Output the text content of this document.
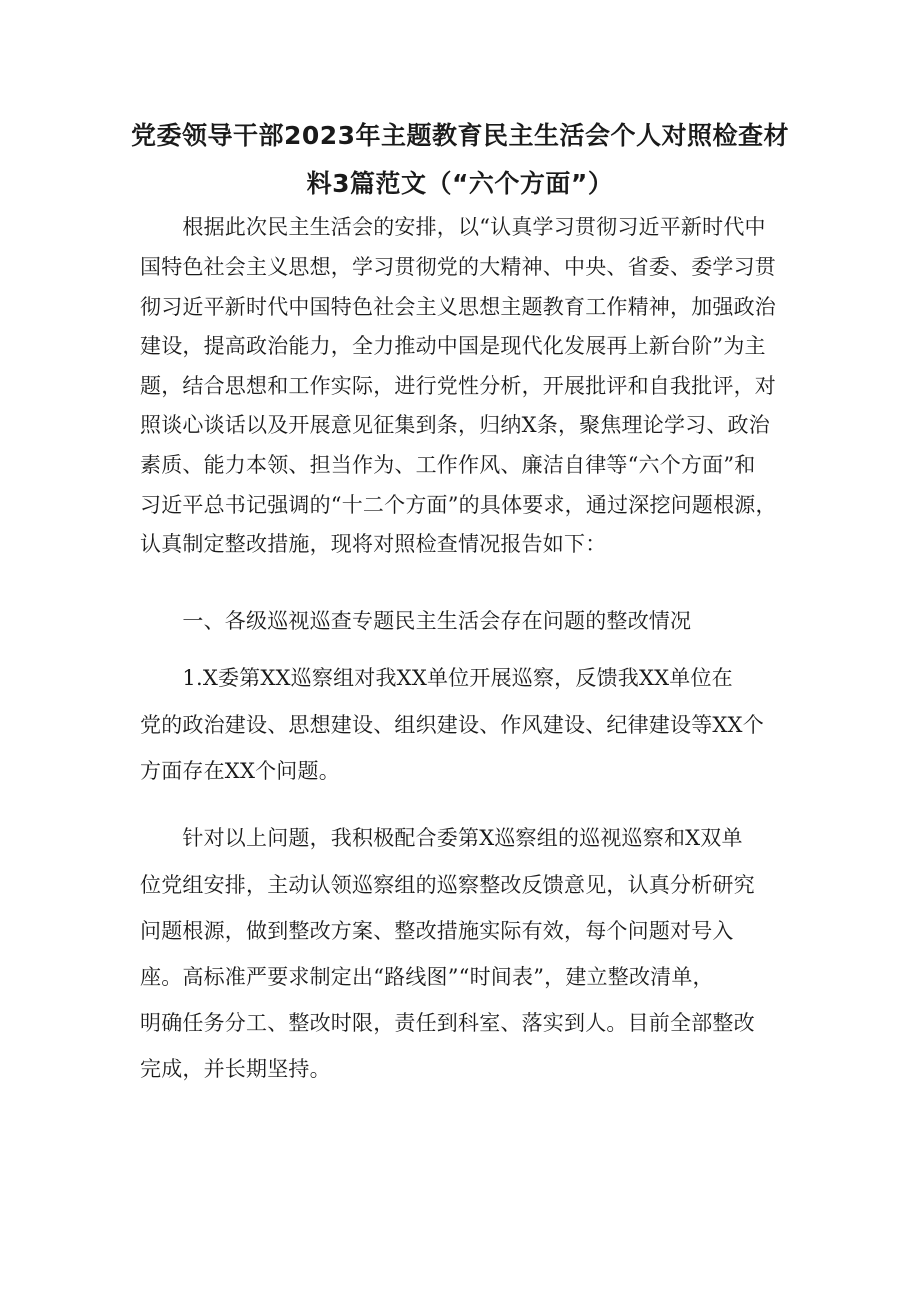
党委领导干部2023年主题教育民主生活会个人对照检查材
料3篇范文（“六个方面”）
　　根据此次民主生活会的安排，以“认真学习贯彻习近平新时代中
国特色社会主义思想，学习贯彻党的大精神、中央、省委、委学习贯
彻习近平新时代中国特色社会主义思想主题教育工作精神，加强政治
建设，提高政治能力，全力推动中国是现代化发展再上新台阶”为主
题，结合思想和工作实际，进行党性分析，开展批评和自我批评，对
照谈心谈话以及开展意见征集到条，归纳X条，聚焦理论学习、政治
素质、能力本领、担当作为、工作作风、廉洁自律等“六个方面”和
习近平总书记强调的“十二个方面”的具体要求，通过深挖问题根源，
认真制定整改措施，现将对照检查情况报告如下：
　　一、各级巡视巡查专题民主生活会存在问题的整改情况
　　1.X委第XX巡察组对我XX单位开展巡察，反馈我XX单位在
党的政治建设、思想建设、组织建设、作风建设、纪律建设等XX个
方面存在XX个问题。
　　针对以上问题，我积极配合委第X巡察组的巡视巡察和X双单
位党组安排，主动认领巡察组的巡察整改反馈意见，认真分析研究
问题根源，做到整改方案、整改措施实际有效，每个问题对号入
座。高标准严要求制定出“路线图”“时间表”，建立整改清单，
明确任务分工、整改时限，责任到科室、落实到人。目前全部整改
完成，并长期坚持。
